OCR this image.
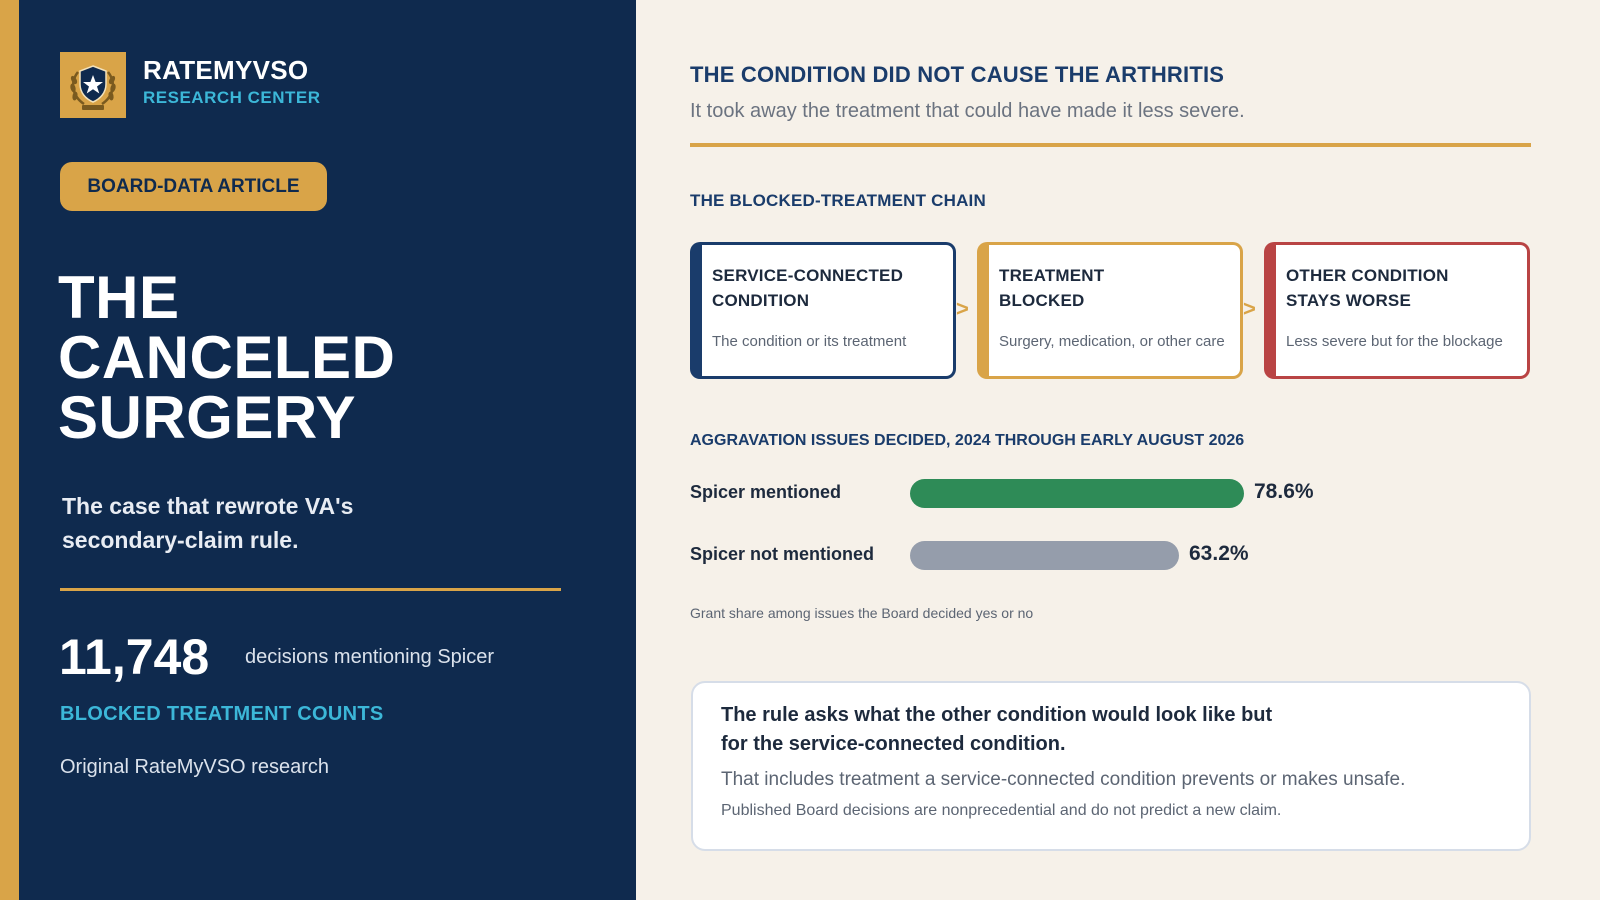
RATEMYVSO
RESEARCH CENTER
BOARD-DATA ARTICLE
THE
CANCELED
SURGERY
The case that rewrote VA's secondary-claim rule.
11,748 decisions mentioning Spicer
BLOCKED TREATMENT COUNTS
Original RateMyVSO research
THE CONDITION DID NOT CAUSE THE ARTHRITIS
It took away the treatment that could have made it less severe.
THE BLOCKED-TREATMENT CHAIN
SERVICE-CONNECTED
CONDITION
The condition or its treatment
>
TREATMENT
BLOCKED
Surgery, medication, or other care
>
OTHER CONDITION
STAYS WORSE
Less severe but for the blockage
AGGRAVATION ISSUES DECIDED, 2024 THROUGH EARLY AUGUST 2026
Spicer mentioned	78.6%
Spicer not mentioned	63.2%
Grant share among issues the Board decided yes or no
The rule asks what the other condition would look like but for the service-connected condition.
That includes treatment a service-connected condition prevents or makes unsafe.
Published Board decisions are nonprecedential and do not predict a new claim.
